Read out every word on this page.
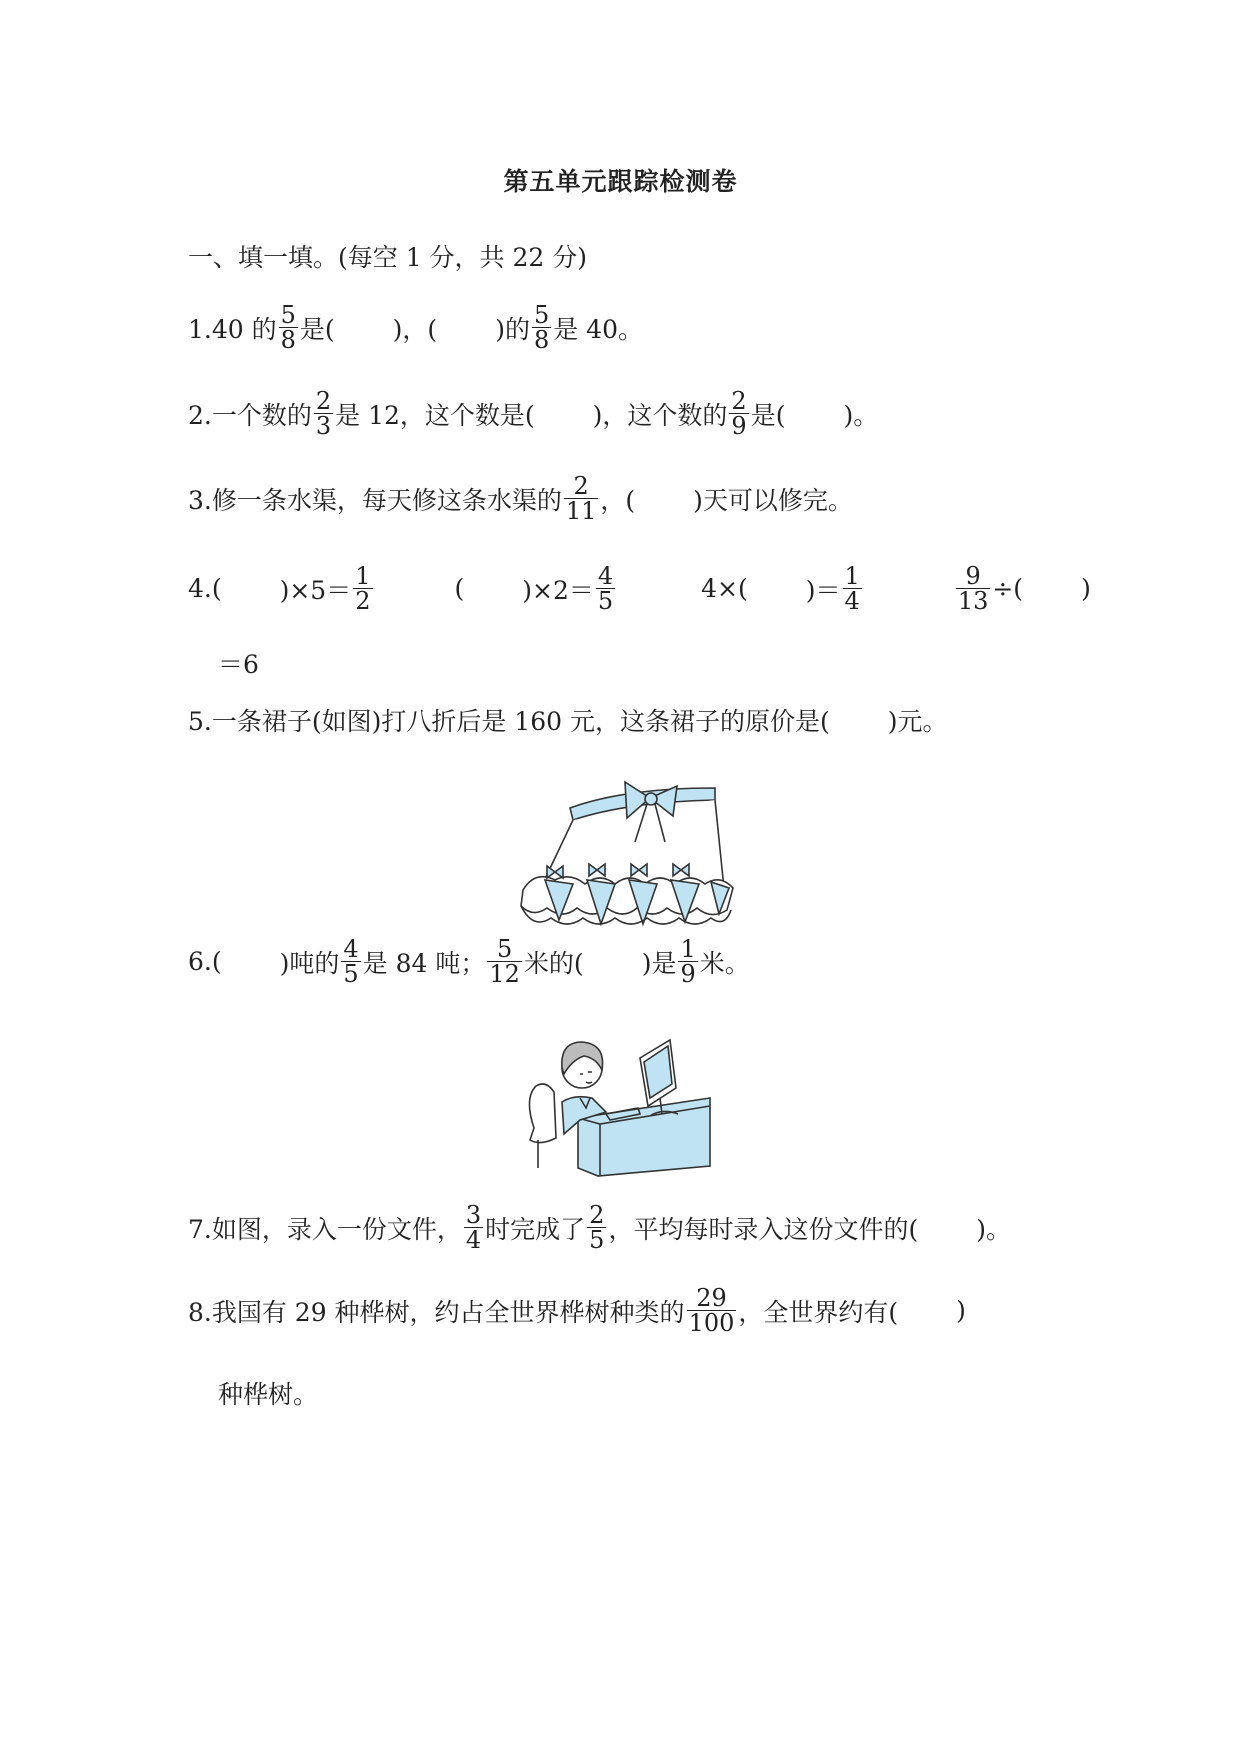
第五单元跟踪检测卷
一、填一填。(每空 1 分，共 22 分)
1.40 的 $\frac{5}{8}$ 是( )，( )的 $\frac{5}{8}$ 是 40。
2.一个数的 $\frac{2}{3}$ 是 12，这个数是( )，这个数的 $\frac{2}{9}$ 是( )。
3.修一条水渠，每天修这条水渠的 $\frac{2}{11}$ ，( )天可以修完。
4.( )$\times 5= \frac{1}{2}$	( )$\times 2= \frac{4}{5}$	4×( )＝ $\frac{1}{4}$	$\frac{9}{13}$ ÷( )
＝6
5.一条裙子(如图)打八折后是 160 元，这条裙子的原价是( )元。
6.( )吨的 $\frac{4}{5}$ 是 84 吨； $\frac{5}{12}$ 米的( )是 $\frac{1}{9}$ 米。
7.如图，录入一份文件， $\frac{3}{4}$ 时完成了 $\frac{2}{5}$ ，平均每时录入这份文件的( )。
8.我国有 29 种桦树，约占全世界桦树种类的 $\frac{29}{100}$ ，全世界约有( )
种桦树。
